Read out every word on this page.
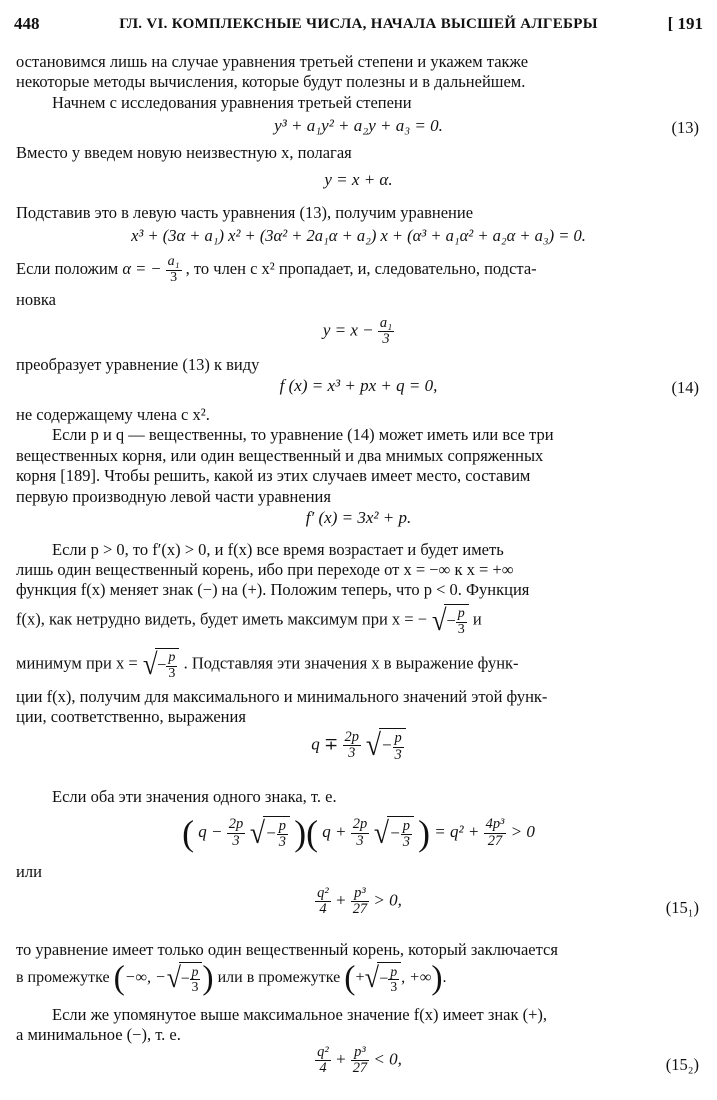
448	ГЛ. VI. КОМПЛЕКСНЫЕ ЧИСЛА, НАЧАЛА ВЫСШЕЙ АЛГЕБРЫ	[ 191
остановимся лишь на случае уравнения третьей степени и укажем также
некоторые методы вычисления, которые будут полезны и в дальнейшем.
Начнем с исследования уравнения третьей степени
y³ + a₁y² + a₂y + a₃ = 0.	(13)
Вместо y введем новую неизвестную x, полагая
y = x + α.
Подставив это в левую часть уравнения (13), получим уравнение
x³ + (3α + a₁) x² + (3α² + 2a₁α + a₂) x + (α³ + a₁α² + a₂α + a₃) = 0.
Если положим α = − $\frac{\text{a₁}}{3}$ , то член с x² пропадает, и, следовательно, подста-
новка
$y = x - \frac{\text{a₁}}{3}$
преобразует уравнение (13) к виду
f (x) = x³ + px + q = 0,	(14)
не содержащему члена с x².
Если p и q — вещественны, то уравнение (14) может иметь или все три
вещественных корня, или один вещественный и два мнимых сопряженных
корня [189]. Чтобы решить, какой из этих случаев имеет место, составим
первую производную левой части уравнения
f′ (x) = 3x² + p.
Если p > 0, то f′(x) > 0, и f(x) все время возрастает и будет иметь
лишь один вещественный корень, ибо при переходе от x = −∞ к x = +∞
функция f(x) меняет знак (−) на (+). Положим теперь, что p < 0. Функция
f(x), как нетрудно видеть, будет иметь максимум при x = − √− $\frac{p}{3}$ и
минимум при x = √− $\frac{p}{3}$ . Подставляя эти значения x в выражение функ-
ции f(x), получим для максимального и минимального значений этой функ-
ции, соответственно, выражения
$q \mp \frac{2p}{3}$ √− $\frac{p}{3}$
Если оба эти значения одного знака, т. е.
( $q - \frac{2p}{3}$ √− $\frac{p}{3}$ )( $q + \frac{2p}{3}$ √− $\frac{p}{3}$ ) = $q^2 + \frac{\text{4p³}}{27} > 0$
или
$\frac{\text{q²}}{4} + \frac{\text{p³}}{27} > 0$,	(15₁)
то уравнение имеет только один вещественный корень, который заключается
в промежутке (−∞, −√− $\frac{p}{3}$ ) или в промежутке (+√− $\frac{p}{3}$ , +∞).
Если же упомянутое выше максимальное значение f(x) имеет знак (+),
а минимальное (−), т. е.
$\frac{\text{q²}}{4} + \frac{\text{p³}}{27} < 0$,	(15₂)
